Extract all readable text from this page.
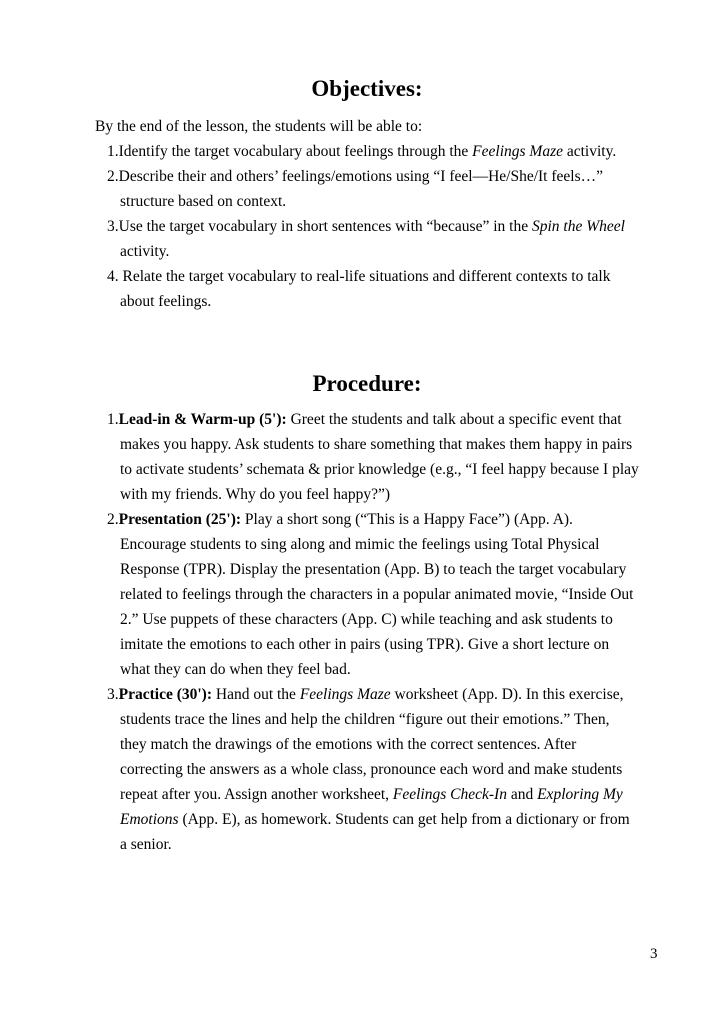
Objectives:

By the end of the lesson, the students will be able to:

1.Identify the target vocabulary about feelings through the Feelings Maze activity.
2.Describe their and others’ feelings/emotions using “I feel—He/She/It feels…” structure based on context.
3.Use the target vocabulary in short sentences with “because” in the Spin the Wheel activity.
4. Relate the target vocabulary to real-life situations and different contexts to talk about feelings.
Procedure:
1.Lead-in & Warm-up (5'): Greet the students and talk about a specific event that makes you happy. Ask students to share something that makes them happy in pairs to activate students’ schemata & prior knowledge (e.g., “I feel happy because I play with my friends. Why do you feel happy?”)
2.Presentation (25'): Play a short song (“This is a Happy Face”) (App. A). Encourage students to sing along and mimic the feelings using Total Physical Response (TPR). Display the presentation (App. B) to teach the target vocabulary related to feelings through the characters in a popular animated movie, “Inside Out 2.” Use puppets of these characters (App. C) while teaching and ask students to imitate the emotions to each other in pairs (using TPR). Give a short lecture on what they can do when they feel bad.
3.Practice (30'): Hand out the Feelings Maze worksheet (App. D). In this exercise, students trace the lines and help the children “figure out their emotions.” Then, they match the drawings of the emotions with the correct sentences. After correcting the answers as a whole class, pronounce each word and make students repeat after you. Assign another worksheet, Feelings Check-In and Exploring My Emotions (App. E), as homework. Students can get help from a dictionary or from a senior.
3
